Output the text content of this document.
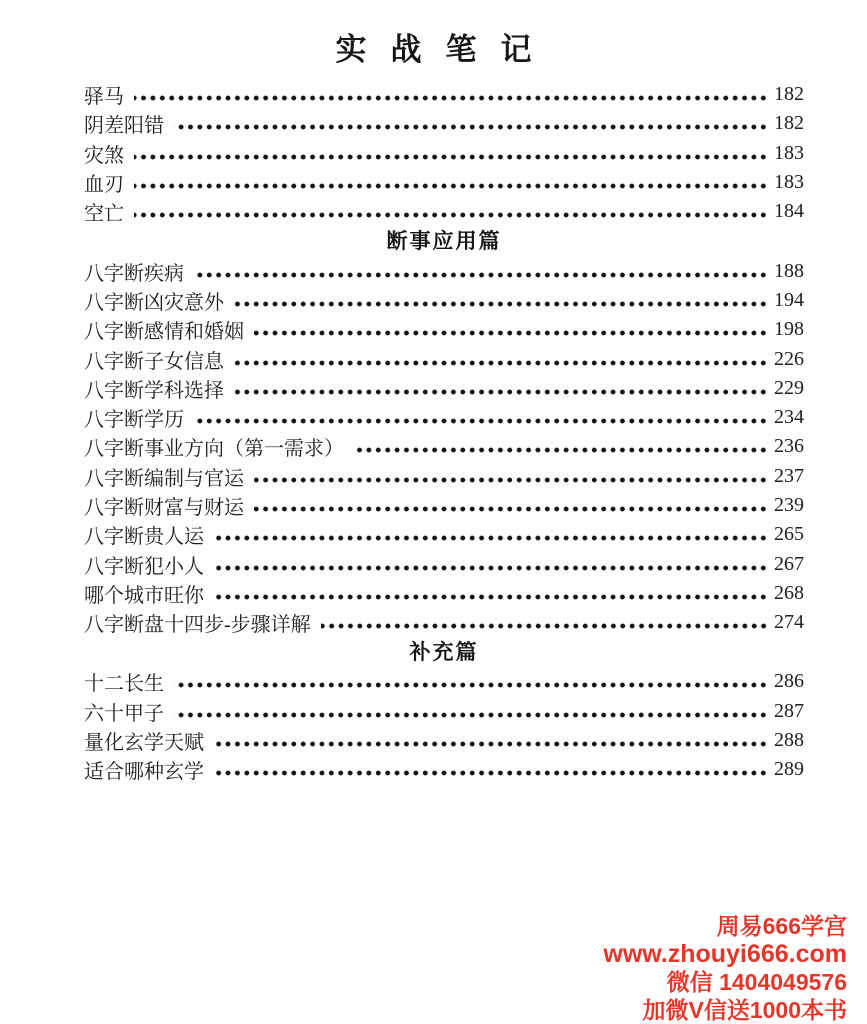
实战笔记
驿马	182
阴差阳错	182
灾煞	183
血刃	183
空亡	184
断事应用篇
八字断疾病	188
八字断凶灾意外	194
八字断感情和婚姻	198
八字断子女信息	226
八字断学科选择	229
八字断学历	234
八字断事业方向（第一需求）	236
八字断编制与官运	237
八字断财富与财运	239
八字断贵人运	265
八字断犯小人	267
哪个城市旺你	268
八字断盘十四步-步骤详解	274
补充篇
十二长生	286
六十甲子	287
量化玄学天赋	288
适合哪种玄学	289
周易666学宫
www.zhouyi666.com
微信 1404049576
加微V信送1000本书
